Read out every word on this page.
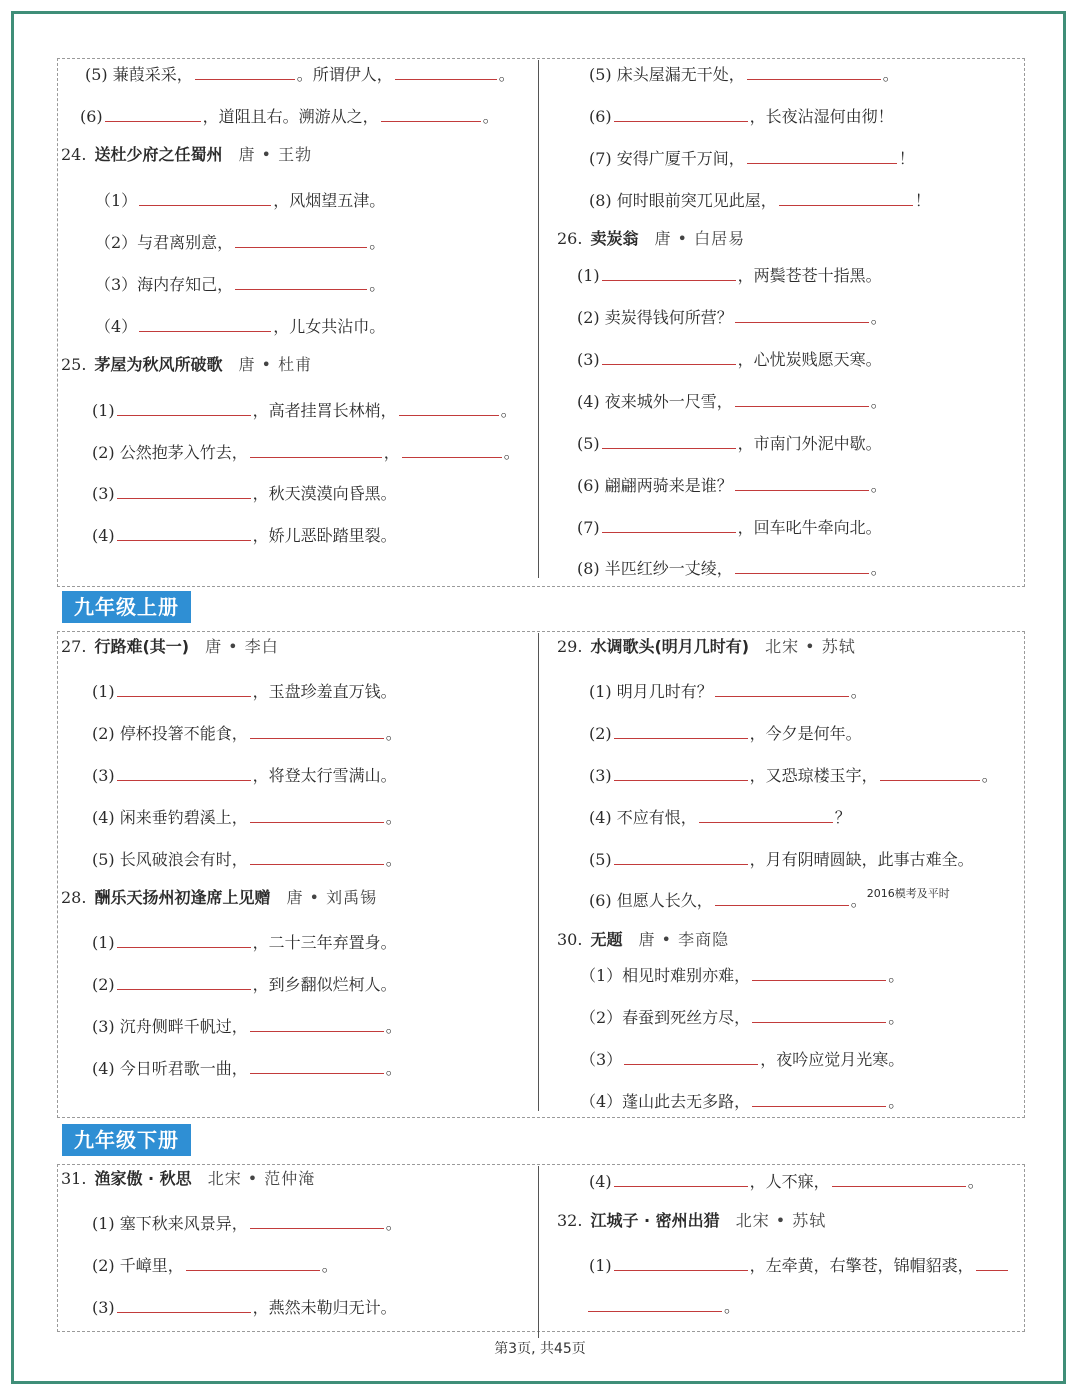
(5) 蒹葭采采，	。所谓伊人，	。
(6)	，道阻且右。溯游从之，	。
24. 送杜少府之任蜀州 唐 • 王勃
（1）	，风烟望五津。
（2）与君离别意，	。
（3）海内存知己，	。
（4）	，儿女共沾巾。
25. 茅屋为秋风所破歌 唐 • 杜甫
(1)	，高者挂罥长林梢，	。
(2) 公然抱茅入竹去，	，	。
(3)	，秋天漠漠向昏黑。
(4)	，娇儿恶卧踏里裂。
(5) 床头屋漏无干处，	。
(6)	，长夜沾湿何由彻！
(7) 安得广厦千万间，	！
(8) 何时眼前突兀见此屋，	！
26. 卖炭翁 唐 • 白居易
(1)	，两鬓苍苍十指黑。
(2) 卖炭得钱何所营？	。
(3)	，心忧炭贱愿天寒。
(4) 夜来城外一尺雪，	。
(5)	，市南门外泥中歇。
(6) 翩翩两骑来是谁？	。
(7)	，回车叱牛牵向北。
(8) 半匹红纱一丈绫，	。
九年级上册
27. 行路难(其一) 唐 • 李白
(1)	，玉盘珍羞直万钱。
(2) 停杯投箸不能食，	。
(3)	，将登太行雪满山。
(4) 闲来垂钓碧溪上，	。
(5) 长风破浪会有时，	。
28. 酬乐天扬州初逢席上见赠 唐 • 刘禹锡
(1)	，二十三年弃置身。
(2)	，到乡翻似烂柯人。
(3) 沉舟侧畔千帆过，	。
(4) 今日听君歌一曲，	。
29. 水调歌头(明月几时有) 北宋 • 苏轼
(1) 明月几时有？	。
(2)	，今夕是何年。
(3)	，又恐琼楼玉宇，	。
(4) 不应有恨，	？
(5)	，月有阴晴圆缺，此事古难全。
(6) 但愿人长久，	。$^{2016模考及平时}$
30. 无题 唐 • 李商隐
（1）相见时难别亦难，	。
（2）春蚕到死丝方尽，	。
（3）	，夜吟应觉月光寒。
（4）蓬山此去无多路，	。
九年级下册
31. 渔家傲 · 秋思 北宋 • 范仲淹
(1) 塞下秋来风景异，	。
(2) 千嶂里，	。
(3)	，燕然未勒归无计。
(4)	，人不寐，	。
32. 江城子 · 密州出猎 北宋 • 苏轼
(1)	，左牵黄，右擎苍，锦帽貂裘，
。
第3页, 共45页
